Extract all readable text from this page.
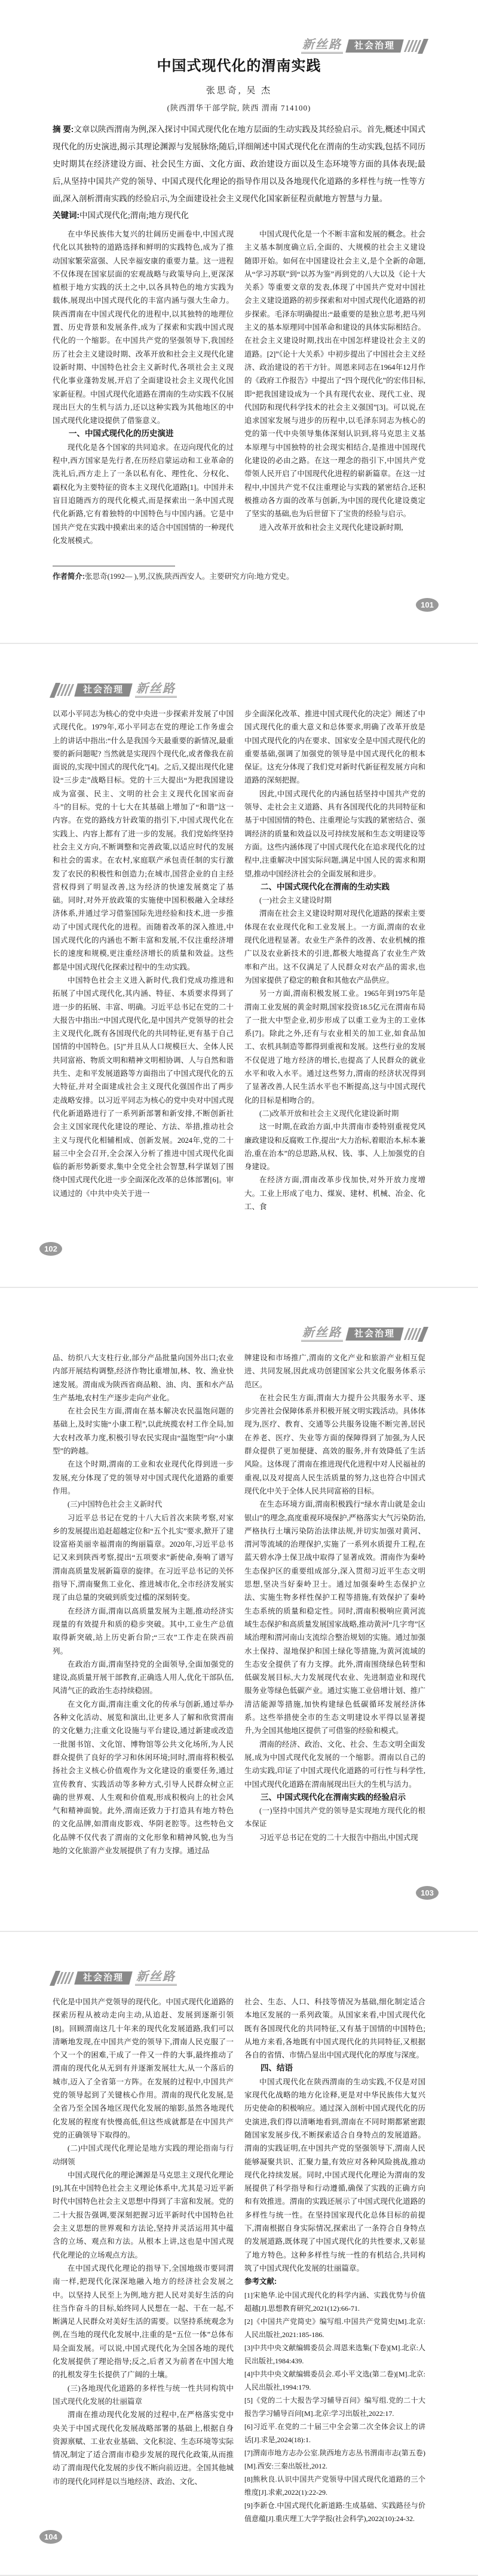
新丝路 社会治理
中国式现代化的渭南实践
张思奇, 吴 杰
(陕西渭华干部学院, 陕西 渭南 714100)
摘 要:文章以陕西渭南为例,深入探讨中国式现代化在地方层面的生动实践及其经验启示。首先,概述中国式现代化的历史演进,揭示其理论渊源与发展脉络;随后,详细阐述中国式现代化在渭南的生动实践,包括不同历史时期其在经济建设方面、社会民生方面、文化方面、政治建设方面以及生态环境等方面的具体表现;最后,从坚持中国共产党的领导、中国式现代化理论的指导作用以及各地现代化道路的多样性与统一性等方面,深入剖析渭南实践的经验启示,为全面建设社会主义现代化国家新征程贡献地方智慧与力量。
关键词:中国式现代化;渭南;地方现代化

在中华民族伟大复兴的壮阔历史画卷中,中国式现代化以其独特的道路选择和鲜明的实践特色,成为了推动国家繁荣富强、人民幸福安康的重要力量。这一进程不仅体现在国家层面的宏观战略与政策导向上,更深深植根于地方实践的沃土之中,以各具特色的地方实践为载体,展现出中国式现代化的丰富内涵与强大生命力。陕西渭南在中国式现代化的进程中,以其独特的地理位置、历史背景和发展条件,成为了探索和实践中国式现代化的一个缩影。在中国共产党的坚强领导下,我国经历了社会主义建设时期、改革开放和社会主义现代化建设新时期、中国特色社会主义新时代,各项社会主义现代化事业蓬勃发展,开启了全面建设社会主义现代化国家新征程。中国式现代化道路在渭南的生动实践不仅展现出巨大的生机与活力,还以这种实践为其他地区的中国式现代化建设提供了借鉴意义。

一、中国式现代化的历史演进

现代化是各个国家的共同追求。在迈向现代化的过程中,西方国家是先行者,在历经启蒙运动和工业革命的洗礼后,西方走上了一条以私有化、理性化、分权化、霸权化为主要特征的资本主义现代化道路[1]。中国并未盲目追随西方的现代化模式,而是探索出一条中国式现代化新路,它有着独特的中国特色与中国内涵。它是中国共产党在实践中摸索出来的适合中国国情的一种现代化发展模式。

中国式现代化是一个不断丰富和发展的概念。社会主义基本制度确立后,全面的、大规模的社会主义建设随即开始。如何在中国建设社会主义,是个全新的命题,从“学习苏联”到“以苏为鉴”再到党的八大以及《论十大关系》等重要文章的发表,体现了中国共产党对中国社会主义建设道路的初步探索和对中国式现代化道路的初步探索。毛泽东明确提出:“最重要的是独立思考,把马列主义的基本原理同中国革命和建设的具体实际相结合。在社会主义建设时期,找出在中国怎样建设社会主义的道路。[2]”《论十大关系》中初步提出了中国社会主义经济、政治建设的若干方针。周恩来同志在1964年12月作的《政府工作报告》中提出了“四个现代化”的宏伟目标,即“把我国建设成为一个具有现代农业、现代工业、现代国防和现代科学技术的社会主义强国”[3]。可以说,在追求国家发展与进步的历程中,以毛泽东同志为核心的党的第一代中央领导集体深刻认识到,将马克思主义基本原理与中国独特的社会现实相结合,是推进中国现代化建设的必由之路。在这一理念的指引下,中国共产党带领人民开启了中国现代化进程的崭新篇章。在这一过程中,中国共产党不仅注重理论与实践的紧密结合,还积极推动各方面的改革与创新,为中国的现代化建设奠定了坚实的基础,也为后世留下了宝贵的经验与启示。

进入改革开放和社会主义现代化建设新时期,

作者简介:张思奇(1992— ),男,汉族,陕西西安人。主要研究方向:地方党史。
101
社会治理 新丝路

以邓小平同志为核心的党中央进一步探索并发展了中国式现代化。1979年,邓小平同志在党的理论工作务虚会上的讲话中指出:“什么是我国今天最重要的新情况,最重要的新问题呢? 当然就是实现四个现代化,或者像我在前面说的,实现中国式的现代化”[4]。之后,又提出现代化建设“三步走”战略目标。党的十三大提出“为把我国建设成为富强、民主、文明的社会主义现代化国家而奋斗”的目标。党的十七大在其基础上增加了“和谐”这一内容。在党的路线方针政策的指引下,中国式现代化在实践上、内容上都有了进一步的发展。我们党始终坚持社会主义方向,不断调整和完善政策,以适应时代的发展和社会的需求。在农村,家庭联产承包责任制的实行激发了农民的积极性和创造力;在城市,国营企业的自主经营权得到了明显改善,这为经济的快速发展奠定了基础。同时,对外开放政策的实施使中国积极融入全球经济体系,并通过学习借鉴国际先进经验和技术,进一步推动了中国式现代化的进程。而随着改革的深入推进,中国式现代化的内涵也不断丰富和发展,不仅注重经济增长的速度和规模,更注重经济增长的质量和效益。这些都是中国式现代化探索过程中的生动实践。

中国特色社会主义进入新时代,我们党成功推进和拓展了中国式现代化,其内涵、特征、本质要求得到了进一步的拓展、丰富、明确。习近平总书记在党的二十大报告中指出:“中国式现代化,是中国共产党领导的社会主义现代化,既有各国现代化的共同特征,更有基于自己国情的中国特色。[5]”并且从人口规模巨大、全体人民共同富裕、物质文明和精神文明相协调、人与自然和谐共生、走和平发展道路等方面指出了中国式现代化的五大特征,并对全面建成社会主义现代化强国作出了两步走战略安排。以习近平同志为核心的党中央对中国式现代化新道路进行了一系列新部署和新安排,不断创新社会主义国家现代化建设的理论、方法、举措,推动社会主义与现代化相辅相成、创新发展。2024年,党的二十届三中全会召开,全会深入分析了推进中国式现代化面临的新形势新要求,集中全党全社会智慧,科学谋划了围绕中国式现代化进一步全面深化改革的总体部署[6]。审议通过的《中共中央关于进一

步全面深化改革、推进中国式现代化的决定》阐述了中国式现代化的重大意义和总体要求,明确了改革开放是中国式现代化的内在要求、国家安全是中国式现代化的重要基础,强调了加强党的领导是中国式现代化的根本保证。这充分体现了我们党对新时代新征程发展方向和道路的深刻把握。

因此,中国式现代化的内涵包括坚持中国共产党的领导、走社会主义道路、具有各国现代化的共同特征和基于中国国情的特色、注重理论与实践的紧密结合、强调经济的质量和效益以及可持续发展和生态文明建设等方面。这些内涵体现了中国式现代化在追求现代化的过程中,注重解决中国实际问题,满足中国人民的需求和期望,推动中国经济社会的全面发展和进步。

二、中国式现代化在渭南的生动实践

(一)社会主义建设时期

渭南在社会主义建设时期对现代化道路的探索主要体现在农业现代化和工业发展上。一方面,渭南的农业现代化进程显著。农业生产条件的改善、农业机械的推广以及农业新技术的引进,都极大地提高了农业生产效率和产出。这不仅满足了人民群众对农产品的需求,也为国家提供了稳定的粮食和其他农产品供应。

另一方面,渭南积极发展工业。1965年到1975年是渭南工业发展的黄金时期,国家投资18.5亿元在渭南布局了一批大中型企业,初步形成了以重工业为主的工业体系[7]。除此之外,还有与农业相关的加工业,如食品加工、农机具制造等都得到重视和发展。这些行业的发展不仅促进了地方经济的增长,也提高了人民群众的就业水平和收入水平。通过这些努力,渭南的经济状况得到了显著改善,人民生活水平也不断提高,这与中国式现代化的目标是相吻合的。

(二)改革开放和社会主义现代化建设新时期

这一时期,在政治方面,中共渭南市委特别重视党风廉政建设和反腐败工作,提出“大力治标,着眼治本,标本兼治,重在治本”的总思路,从权、钱、事、人上加强党的自身建设。

在经济方面,渭南改革步伐加快,对外开放力度增大。工业上形成了电力、煤炭、建材、机械、冶金、化工、食

102
新丝路 社会治理

品、纺织八大支柱行业,部分产品批量向国外出口;农业内部开展结构调整,经济作物比重增加,林、牧、渔业快速发展。渭南成为陕西省商品粮、油、肉、蛋和水产品生产基地,农村生产逐步走向产业化。

在社会民生方面,渭南在基本解决农民温饱问题的基础上,及时实施“小康工程”,以此统揽农村工作全局,加大农村改革力度,积极引导农民实现由“温饱型”向“小康型”的跨越。

在这个时期,渭南的工业和农业现代化得到进一步发展,充分体现了党的领导对中国式现代化道路的重要作用。

(三)中国特色社会主义新时代

习近平总书记在党的十八大后首次来陕考察,对家乡的发展提出追赶超越定位和“五个扎实”要求,掀开了建设富裕美丽幸福渭南的绚丽篇章。2020年,习近平总书记又来到陕西考察,提出“五项要求”新使命,奏响了谱写渭南高质量发展新篇章的旋律。在习近平总书记的关怀指导下,渭南聚焦工业化、推进城市化,全市经济发展实现了由总量的突破到质变过槛的深刻转变。

在经济方面,渭南以高质量发展为主题,推动经济实现量的有效提升和质的稳步突破。其中,工业生产总值取得新突破,站上历史新台阶;“三农”工作走在陕西前列。

在政治方面,渭南坚持党的全面领导,全面加强党的建设,高质量开展干部教育,正确选人用人,优化干部队伍,风清气正的政治生态持续稳固。

在文化方面,渭南注重文化的传承与创新,通过举办各种文化活动、展览和演出,让更多人了解和欣赏渭南的文化魅力;注重文化设施与平台建设,通过新建或改造一批图书馆、文化馆、博物馆等公共文化场所,为人民群众提供了良好的学习和休闲环境;同时,渭南将积极弘扬社会主义核心价值观作为文化建设的重要任务,通过宣传教育、实践活动等多种方式,引导人民群众树立正确的世界观、人生观和价值观,形成积极向上的社会风气和精神面貌。此外,渭南还致力于打造具有地方特色的文化品牌,如渭南皮影戏、华阴老腔等。这些特色文化品牌不仅代表了渭南的文化形象和精神风貌,也为当地的文化旅游产业发展提供了有力支撑。通过品

牌建设和市场推广,渭南的文化产业和旅游产业相互促进、共同发展,因此成功创建国家公共文化服务体系示范区。

在社会民生方面,渭南大力提升公共服务水平、逐步完善社会保障体系并积极开展文明实践活动。具体体现为,医疗、教育、交通等公共服务设施不断完善,居民在养老、医疗、失业等方面的保障得到了加强,为人民群众提供了更加便捷、高效的服务,并有效降低了生活风险。这体现了渭南在推进现代化进程中对人民福祉的重视,以及对提高人民生活质量的努力,这也符合中国式现代化中关于全体人民共同富裕的目标。

在生态环境方面,渭南积极践行“绿水青山就是金山银山”的理念,高度重视环境保护,严格落实大气污染防治,严格执行土壤污染防治法律法规,并切实加强对黄河、渭河等流域的治理保护,实施了一系列水质提升工程,在蓝天碧水净土保卫战中取得了显著成效。渭南作为秦岭生态保护区的重要组成部分,深入贯彻习近平生态文明思想,坚决当好秦岭卫士。通过加强秦岭生态保护立法、实施生物多样性保护工程等措施,有效保护了秦岭生态系统的质量和稳定性。同时,渭南积极响应黄河流域生态保护和高质量发展国家战略,推动黄河“几字弯”区域治理和渭河南山支流综合整治规划的实施。通过加强水土保持、湿地保护和国土绿化等措施,为黄河流域的生态安全提供了有力支撑。此外,渭南围绕绿色转型和低碳发展目标,大力发展现代农业、先进制造业和现代服务业等绿色低碳产业。通过实施工业倍增计划、推广清洁能源等措施,加快构建绿色低碳循环发展经济体系。这些举措使全市的生态文明建设水平得以显著提升,为全国其他地区提供了可借鉴的经验和模式。

渭南的经济、政治、文化、社会、生态文明全面发展,成为中国式现代化发展的一个缩影。渭南以自己的生动实践,印证了中国式现代化道路的可行性与科学性,中国式现代化道路在渭南展现出巨大的生机与活力。

三、中国式现代化在渭南实践的经验启示

(一)坚持中国共产党的领导是实现地方现代化的根本保证

习近平总书记在党的二十大报告中指出,中国式现

103
社会治理 新丝路

代化是中国共产党领导的现代化。中国式现代化道路的探索历程从被动走向主动,从追赶、发展到逐渐引领[8]。回顾渭南这几十年来的现代化发展道路,我们可以清晰地发现,在中国共产党的领导下,渭南人民克服了一个又一个的困难,干成了一件又一件的大事,最终推动了渭南的现代化从无到有并逐渐发展壮大,从一个落后的城市,迈入了全省第一方阵。在发展的过程中,中国共产党的领导起到了关键核心作用。渭南的现代化发展,是全省乃至全国各地区现代化发展的缩影,虽然各地现代化发展的程度有快慢高低,但这些成就都是在中国共产党的正确领导下取得的。

(二)中国式现代化理论是地方实践的理论指南与行动纲领

中国式现代化的理论渊源是马克思主义现代化理论[9],其在中国特色社会主义理论体系中,尤其是习近平新时代中国特色社会主义思想中得到了丰富和发展。党的二十大报告强调,要深刻把握习近平新时代中国特色社会主义思想的世界观和方法论,坚持并灵活运用其中蕴含的立场、观点和方法。从根本上讲,这也是中国式现代化理论的立场观点方法。

在中国式现代化理论的指导下,全国地级市要同渭南一样,把现代化深深地融入地方的经济社会发展之中。以坚持人民至上为例,地方把人民对美好生活的向往当作奋斗的目标,始终同人民想在一起、干在一起,不断满足人民群众对美好生活的需要。以坚持系统观念为例,在当地的现代化发展中,注重的是“五位一体”总体布局全面发展。可以说,中国式现代化为全国各地的现代化发展提供了理论指导;反之,后者又为前者在中国大地的扎根发芽生长提供了广阔的土壤。

(三)各地现代化道路的多样性与统一性共同构筑中国式现代化发展的壮丽篇章

渭南在推动现代化发展的过程中,在严格落实党中央关于中国式现代化发展战略部署的基础上,根据自身资源禀赋、工业农业基础、文化积淀、生态环境等实际情况,制定了适合渭南市稳步发展的现代化政策,从而推动了渭南现代化发展的步伐不断向前迈进。全国其他城市的现代化同样是以当地经济、政治、文化、

社会、生态、人口、科技等情况为基础,细化制定适合本地区发展的一系列政策。从国家来看,中国式现代化既有各国现代化的共同特征,又有基于国情的中国特色;从地方来看,各地既有中国式现代化的共同特征,又根据各自的省情、市情凸显出中国式现代化的厚度与深度。

四、结语

中国式现代化在陕西渭南的生动实践,不仅是对国家现代化战略的地方化诠释,更是对中华民族伟大复兴历史使命的积极响应。通过深入剖析中国式现代化的历史演进,我们得以清晰地看到,渭南在不同时期都紧密跟随国家发展步伐,不断探索适合自身特点的发展道路。渭南的实践证明,在中国共产党的坚强领导下,渭南人民能够凝聚共识、汇聚力量,有效应对各种风险挑战,推动现代化持续发展。同时,中国式现代化理论为渭南的发展提供了科学指导和行动遵循,确保了实践的正确方向和有效推进。渭南的实践还展示了中国式现代化道路的多样性与统一性。在坚持国家现代化总体目标的前提下,渭南根据自身实际情况,探索出了一条符合自身特点的发展道路,既体现了中国式现代化的共性要求,又彰显了地方特色。这种多样性与统一性的有机结合,共同构筑了中国式现代化发展的壮丽篇章。

参考文献:

[1]宋艳华.论中国式现代化的科学内涵、实践优势与价值超越[J].思想教育研究,2021(12):66-71.

[2]《中国共产党简史》编写组.中国共产党简史[M].北京:人民出版社,2021:185-186.

[3]中共中央文献编辑委员会.周恩来选集(下卷)[M].北京:人民出版社,1984:439.

[4]中共中央文献编辑委员会.邓小平文选(第二卷)[M].北京:人民出版社,1994:179.

[5]《党的二十大报告学习辅导百问》编写组.党的二十大报告学习辅导百问[M].北京:学习出版社,2022:17.

[6]习近平.在党的二十届三中全会第二次全体会议上的讲话[J].求是,2024(18):1.

[7]渭南市地方志办公室.陕西地方志丛书渭南市志(第五卷)[M].西安:三秦出版社,2012.

[8]熊秋良.认识中国共产党领导中国式现代化道路的三个维度[J].求索,2022(1):22-29.

[9]李新仓.中国式现代化新道路:生成基础、实践路径与价值意蕴[J].重庆理工大学学报(社会科学),2022(10):24-32.

104
